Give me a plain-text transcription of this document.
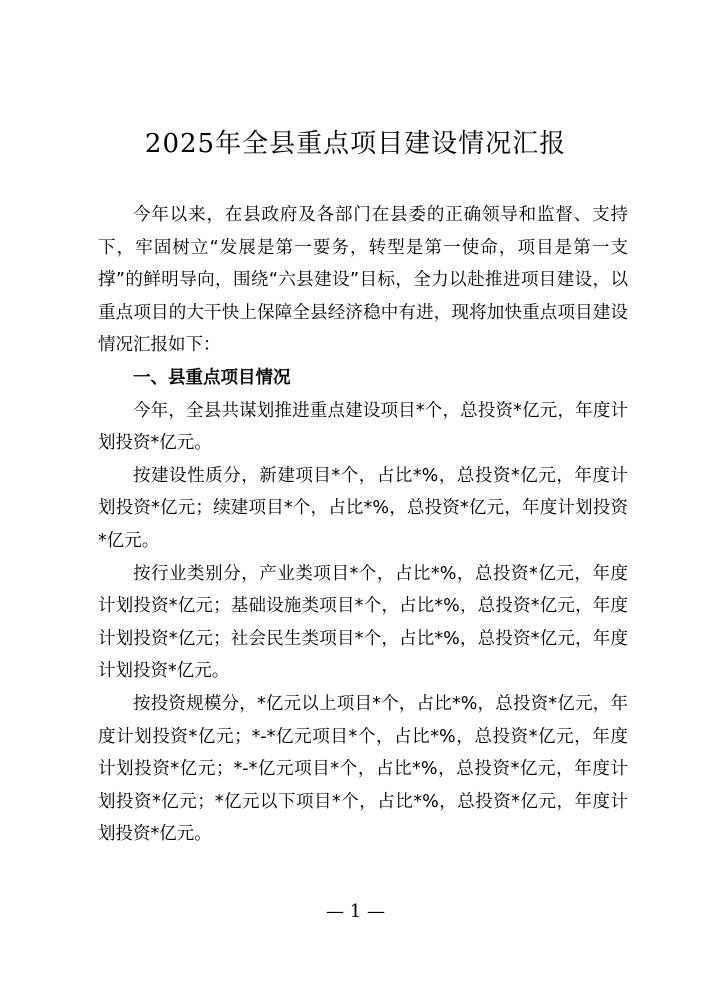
2025年全县重点项目建设情况汇报

今年以来，在县政府及各部门在县委的正确领导和监督、支持下，牢固树立“发展是第一要务，转型是第一使命，项目是第一支撑”的鲜明导向，围绕“六县建设”目标，全力以赴推进项目建设，以重点项目的大干快上保障全县经济稳中有进，现将加快重点项目建设情况汇报如下：

一、县重点项目情况

今年，全县共谋划推进重点建设项目*个，总投资*亿元，年度计划投资*亿元。

按建设性质分，新建项目*个，占比*%，总投资*亿元，年度计划投资*亿元；续建项目*个，占比*%，总投资*亿元，年度计划投资*亿元。

按行业类别分，产业类项目*个，占比*%，总投资*亿元，年度计划投资*亿元；基础设施类项目*个，占比*%，总投资*亿元，年度计划投资*亿元；社会民生类项目*个，占比*%，总投资*亿元，年度计划投资*亿元。

按投资规模分，*亿元以上项目*个，占比*%，总投资*亿元，年度计划投资*亿元；*-*亿元项目*个，占比*%，总投资*亿元，年度计划投资*亿元；*-*亿元项目*个，占比*%，总投资*亿元，年度计划投资*亿元；*亿元以下项目*个，占比*%，总投资*亿元，年度计划投资*亿元。

— 1 —
